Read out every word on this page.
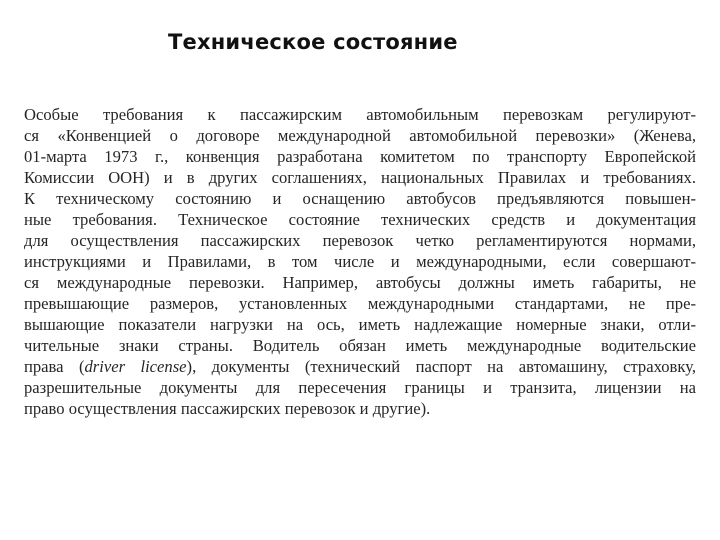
Техническое состояние
Особые требования к пассажирским автомобильным перевозкам регулируют-
ся «Конвенцией о договоре международной автомобильной перевозки» (Женева,
01-марта 1973 г., конвенция разработана комитетом по транспорту Европейской
Комиссии ООН) и в других соглашениях, национальных Правилах и требованиях.
К техническому состоянию и оснащению автобусов предъявляются повышен-
ные требования. Техническое состояние технических средств и документация
для осуществления пассажирских перевозок четко регламентируются нормами,
инструкциями и Правилами, в том числе и международными, если совершают-
ся международные перевозки. Например, автобусы должны иметь габариты, не
превышающие размеров, установленных международными стандартами, не пре-
вышающие показатели нагрузки на ось, иметь надлежащие номерные знаки, отли-
чительные знаки страны. Водитель обязан иметь международные водительские
права (driver license), документы (технический паспорт на автомашину, страховку,
разрешительные документы для пересечения границы и транзита, лицензии на
право осуществления пассажирских перевозок и другие).
